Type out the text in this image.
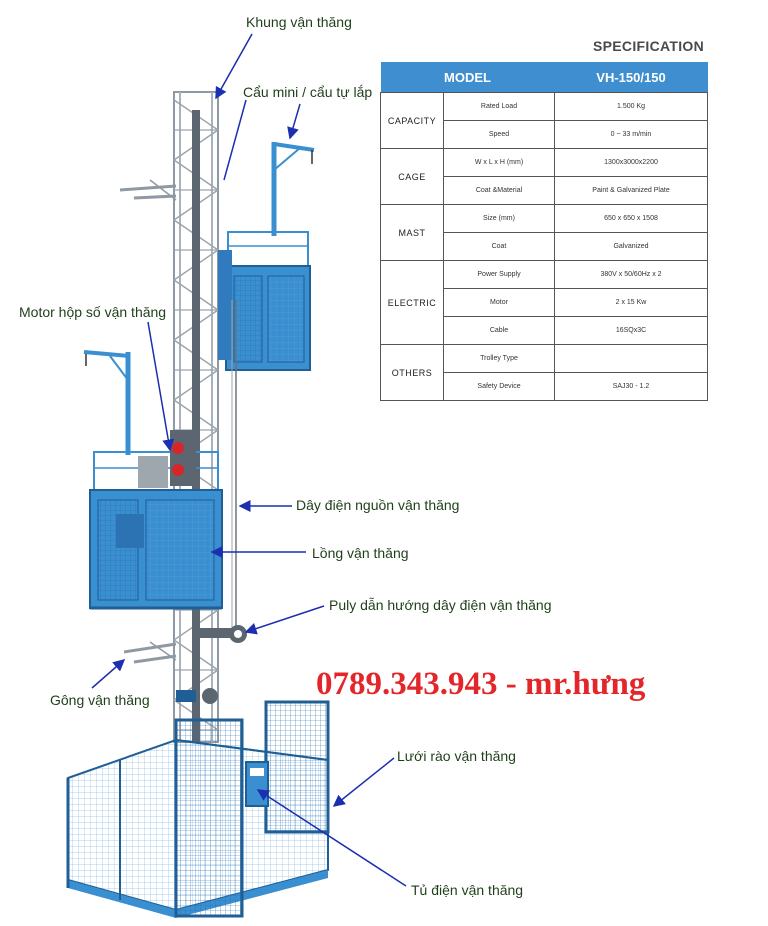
Khung vận thăng
Cẩu mini / cẩu tự lắp
Motor hộp số vận thăng
Dây điện nguồn vận thăng
Lồng vận thăng
Puly dẫn hướng dây điện vận thăng
Gông vận thăng
Lưới rào vận thăng
Tủ điện vận thăng
0789.343.943 - mr.hưng
SPECIFICATION
MODEL		VH-150/150
CAPACITY	Rated Load	1.500 Kg
	Speed	0 ~ 33 m/min
CAGE	W x L x H (mm)	1300x3000x2200
	Coat &Material	Paint & Galvanized Plate
MAST	Size (mm)	650 x 650 x 1508
	Coat	Galvanized
ELECTRIC	Power Supply	380V x 50/60Hz x 2
	Motor	2 x 15 Kw
	Cable	16SQx3C
OTHERS	Trolley Type	
	Safety Device	SAJ30 - 1.2
